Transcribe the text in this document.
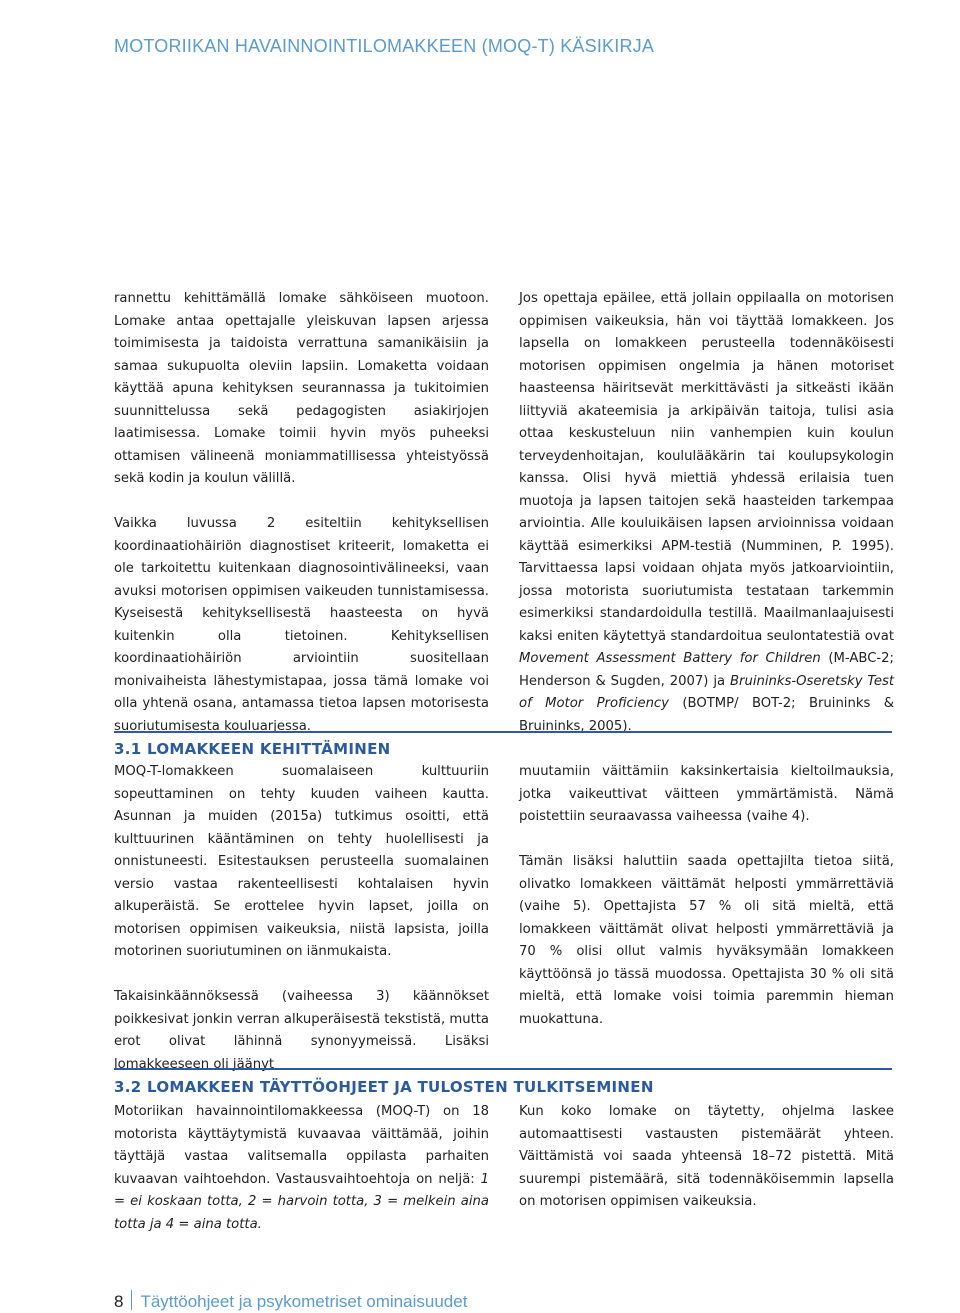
MOTORIIKAN HAVAINNOINTILOMAKKEEN (MOQ-T) KÄSIKIRJA

rannettu kehittämällä lomake sähköiseen muotoon. Lomake antaa opettajalle yleiskuvan lapsen arjessa toimimisesta ja taidoista verrattuna samanikäisiin ja samaa sukupuolta oleviin lapsiin. Lomaketta voidaan käyttää apuna kehityksen seurannassa ja tukitoimien suunnittelussa sekä pedagogisten asiakirjojen laatimisessa. Lomake toimii hyvin myös puheeksi ottamisen välineenä moniammatillisessa yhteistyössä sekä kodin ja koulun välillä.

Vaikka luvussa 2 esiteltiin kehityksellisen koordinaatiohäiriön diagnostiset kriteerit, lomaketta ei ole tarkoitettu kuitenkaan diagnosointivälineeksi, vaan avuksi motorisen oppimisen vaikeuden tunnistamisessa. Kyseisestä kehityksellisestä haasteesta on hyvä kuitenkin olla tietoinen. Kehityksellisen koordinaatiohäiriön arviointiin suositellaan monivaiheista lähestymistapaa, jossa tämä lomake voi olla yhtenä osana, antamassa tietoa lapsen motorisesta suoriutumisesta kouluarjessa.

Jos opettaja epäilee, että jollain oppilaalla on motorisen oppimisen vaikeuksia, hän voi täyttää lomakkeen. Jos lapsella on lomakkeen perusteella todennäköisesti motorisen oppimisen ongelmia ja hänen motoriset haasteensa häiritsevät merkittävästi ja sitkeästi ikään liittyviä akateemisia ja arkipäivän taitoja, tulisi asia ottaa keskusteluun niin vanhempien kuin koulun terveydenhoitajan, koululääkärin tai koulupsykologin kanssa. Olisi hyvä miettiä yhdessä erilaisia tuen muotoja ja lapsen taitojen sekä haasteiden tarkempaa arviointia. Alle kouluikäisen lapsen arvioinnissa voidaan käyttää esimerkiksi APM-testiä (Numminen, P. 1995). Tarvittaessa lapsi voidaan ohjata myös jatkoarviointiin, jossa motorista suoriutumista testataan tarkemmin esimerkiksi standardoidulla testillä. Maailmanlaajuisesti kaksi eniten käytettyä standardoitua seulontatestiä ovat Movement Assessment Battery for Children (M-ABC-2; Henderson & Sugden, 2007) ja Bruininks-Oseretsky Test of Motor Proficiency (BOTMP/ BOT-2; Bruininks & Bruininks, 2005).

3.1 LOMAKKEEN KEHITTÄMINEN

MOQ-T-lomakkeen suomalaiseen kulttuuriin sopeuttaminen on tehty kuuden vaiheen kautta. Asunnan ja muiden (2015a) tutkimus osoitti, että kulttuurinen kääntäminen on tehty huolellisesti ja onnistuneesti. Esitestauksen perusteella suomalainen versio vastaa rakenteellisesti kohtalaisen hyvin alkuperäistä. Se erottelee hyvin lapset, joilla on motorisen oppimisen vaikeuksia, niistä lapsista, joilla motorinen suoriutuminen on iänmukaista.

Takaisinkäännöksessä (vaiheessa 3) käännökset poikkesivat jonkin verran alkuperäisestä tekstistä, mutta erot olivat lähinnä synonyymeissä. Lisäksi lomakkeeseen oli jäänyt

muutamiin väittämiin kaksinkertaisia kieltoilmauksia, jotka vaikeuttivat väitteen ymmärtämistä. Nämä poistettiin seuraavassa vaiheessa (vaihe 4).

Tämän lisäksi haluttiin saada opettajilta tietoa siitä, olivatko lomakkeen väittämät helposti ymmärrettäviä (vaihe 5). Opettajista 57 % oli sitä mieltä, että lomakkeen väittämät olivat helposti ymmärrettäviä ja 70 % olisi ollut valmis hyväksymään lomakkeen käyttöönsä jo tässä muodossa. Opettajista 30 % oli sitä mieltä, että lomake voisi toimia paremmin hieman muokattuna.

3.2 LOMAKKEEN TÄYTTÖOHJEET JA TULOSTEN TULKITSEMINEN

Motoriikan havainnointilomakkeessa (MOQ-T) on 18 motorista käyttäytymistä kuvaavaa väittämää, joihin täyttäjä vastaa valitsemalla oppilasta parhaiten kuvaavan vaihtoehdon. Vastausvaihtoehtoja on neljä: 1 = ei koskaan totta, 2 = harvoin totta, 3 = melkein aina totta ja 4 = aina totta.

Kun koko lomake on täytetty, ohjelma laskee automaattisesti vastausten pistemäärät yhteen. Väittämistä voi saada yhteensä 18–72 pistettä. Mitä suurempi pistemäärä, sitä todennäköisemmin lapsella on motorisen oppimisen vaikeuksia.

8 Täyttöohjeet ja psykometriset ominaisuudet
